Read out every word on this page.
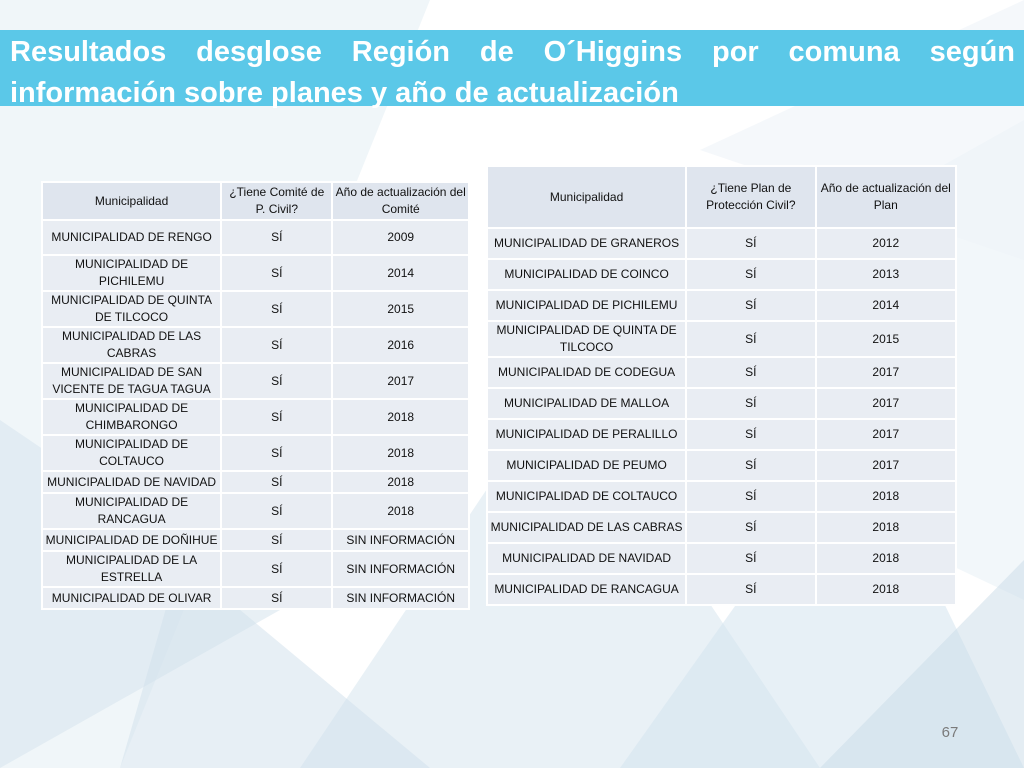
Resultados desglose Región de O´Higgins por comuna según información sobre planes y año de actualización
Municipalidad	¿Tiene Comité de P. Civil?	Año de actualización del Comité
MUNICIPALIDAD DE RENGO	SÍ	2009
MUNICIPALIDAD DE PICHILEMU	SÍ	2014
MUNICIPALIDAD DE QUINTA DE TILCOCO	SÍ	2015
MUNICIPALIDAD DE LAS CABRAS	SÍ	2016
MUNICIPALIDAD DE SAN VICENTE DE TAGUA TAGUA	SÍ	2017
MUNICIPALIDAD DE CHIMBARONGO	SÍ	2018
MUNICIPALIDAD DE COLTAUCO	SÍ	2018
MUNICIPALIDAD DE NAVIDAD	SÍ	2018
MUNICIPALIDAD DE RANCAGUA	SÍ	2018
MUNICIPALIDAD DE DOÑIHUE	SÍ	SIN INFORMACIÓN
MUNICIPALIDAD DE LA ESTRELLA	SÍ	SIN INFORMACIÓN
MUNICIPALIDAD DE OLIVAR	SÍ	SIN INFORMACIÓN
Municipalidad	¿Tiene Plan de Protección Civil?	Año de actualización del Plan
MUNICIPALIDAD DE GRANEROS	SÍ	2012
MUNICIPALIDAD DE COINCO	SÍ	2013
MUNICIPALIDAD DE PICHILEMU	SÍ	2014
MUNICIPALIDAD DE QUINTA DE TILCOCO	SÍ	2015
MUNICIPALIDAD DE CODEGUA	SÍ	2017
MUNICIPALIDAD DE MALLOA	SÍ	2017
MUNICIPALIDAD DE PERALILLO	SÍ	2017
MUNICIPALIDAD DE PEUMO	SÍ	2017
MUNICIPALIDAD DE COLTAUCO	SÍ	2018
MUNICIPALIDAD DE LAS CABRAS	SÍ	2018
MUNICIPALIDAD DE NAVIDAD	SÍ	2018
MUNICIPALIDAD DE RANCAGUA	SÍ	2018
67
